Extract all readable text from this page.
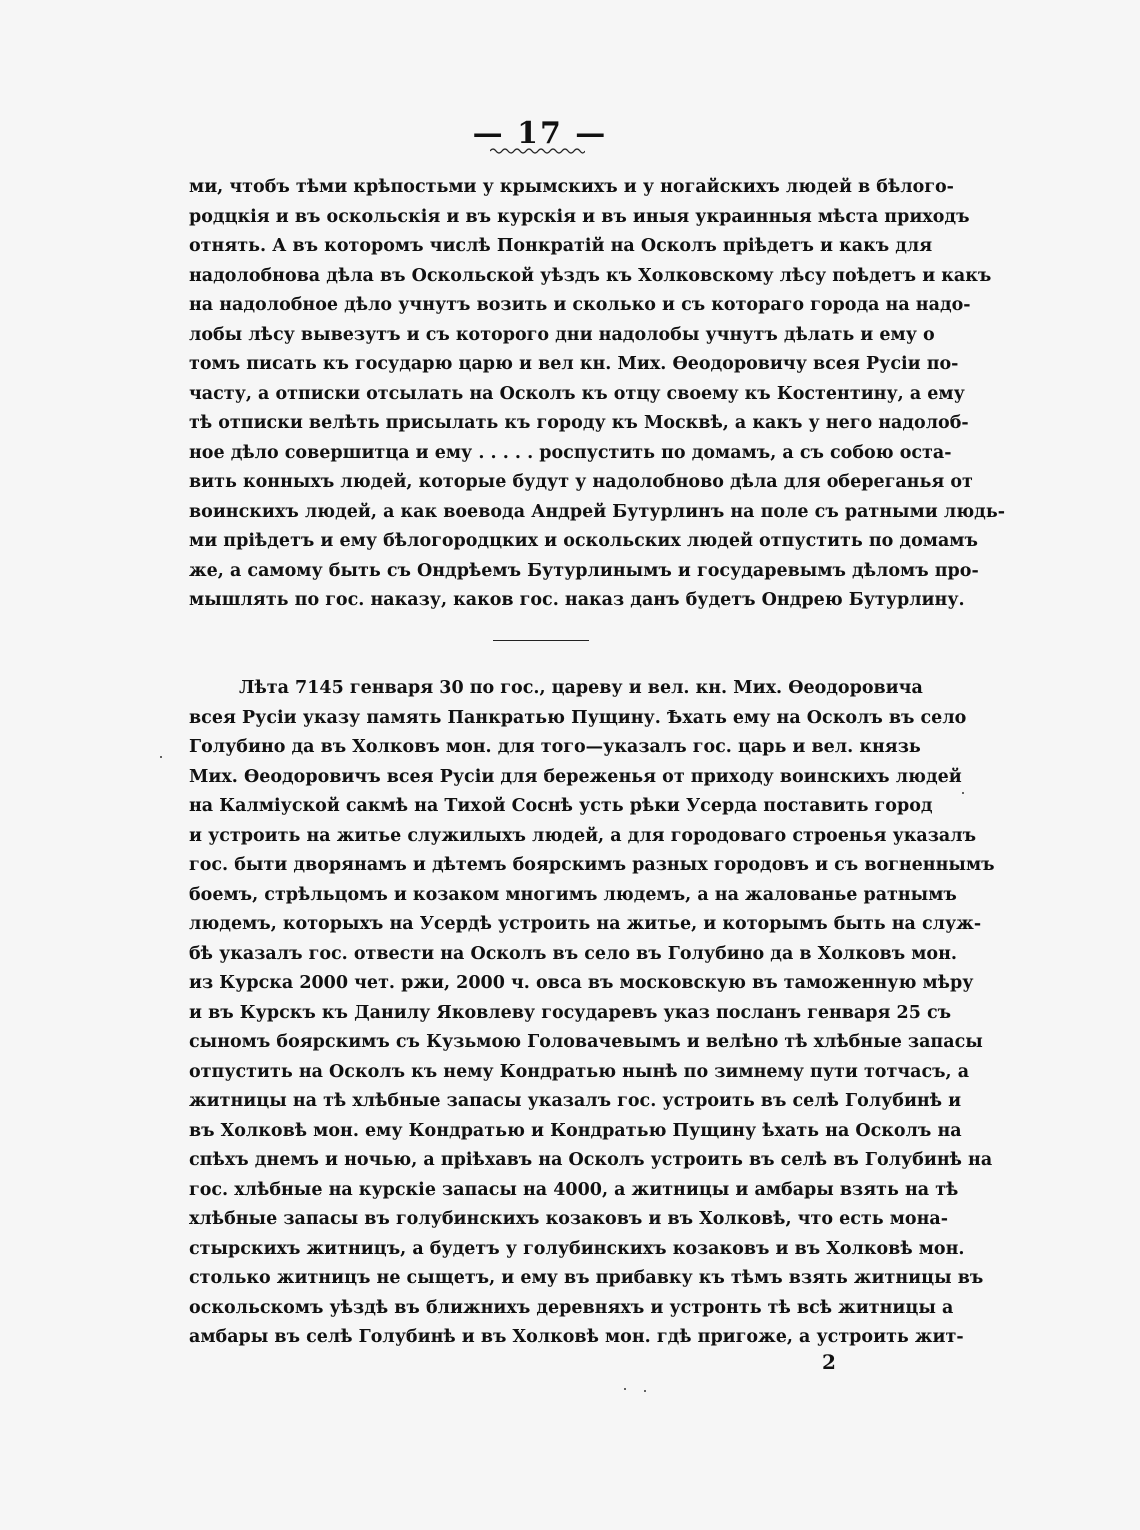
— 17 —
ми, чтобъ тѣми крѣпостьми у крымскихъ и у ногайскихъ людей в бѣлого-
родцкія и въ оскольскія и въ курскія и въ иныя украинныя мѣста приходъ
отнять. А въ которомъ числѣ Понкратій на Осколъ пріѣдетъ и какъ для
надолобнова дѣла въ Оскольской уѣздъ къ Холковскому лѣсу поѣдетъ и какъ
на надолобное дѣло учнутъ возить и сколько и съ котораго города на надо-
лобы лѣсу вывезутъ и съ которого дни надолобы учнутъ дѣлать и ему о
томъ писать къ государю царю и вел кн. Мих. Ѳеодоровичу всея Русіи по-
часту, а отписки отсылать на Осколъ къ отцу своему къ Костентину, а ему
тѣ отписки велѣть присылать къ городу къ Москвѣ, а какъ у него надолоб-
ное дѣло совершитца и ему . . . . . роспустить по домамъ, а съ собою оста-
вить конныхъ людей, которые будут у надолобново дѣла для обереганья от
воинскихъ людей, а как воевода Андрей Бутурлинъ на поле съ ратными людь-
ми пріѣдетъ и ему бѣлогородцких и оскольских людей отпустить по домамъ
же, а самому быть съ Ондрѣемъ Бутурлинымъ и государевымъ дѣломъ про-
мышлять по гос. наказу, каков гос. наказ данъ будетъ Ондрею Бутурлину.
Лѣта 7145 генваря 30 по гос., цареву и вел. кн. Мих. Ѳеодоровича
всея Русіи указу память Панкратью Пущину. Ѣхать ему на Осколъ въ село
Голубино да въ Холковъ мон. для того—указалъ гос. царь и вел. князь
Мих. Ѳеодоровичъ всея Русіи для береженья от приходу воинскихъ людей
на Калміуской сакмѣ на Тихой Соснѣ усть рѣки Усерда поставить город
и устроить на житье служилыхъ людей, а для городоваго строенья указалъ
гос. быти дворянамъ и дѣтемъ боярскимъ разных городовъ и съ вогненнымъ
боемъ, стрѣльцомъ и козаком многимъ людемъ, а на жалованье ратнымъ
людемъ, которыхъ на Усердѣ устроить на житье, и которымъ быть на служ-
бѣ указалъ гос. отвести на Осколъ въ село въ Голубино да в Холковъ мон.
из Курска 2000 чет. ржи, 2000 ч. овса въ московскую въ таможенную мѣру
и въ Курскъ къ Данилу Яковлеву государевъ указ посланъ генваря 25 съ
сыномъ боярскимъ съ Кузьмою Головачевымъ и велѣно тѣ хлѣбные запасы
отпустить на Осколъ къ нему Кондратью нынѣ по зимнему пути тотчасъ, а
житницы на тѣ хлѣбные запасы указалъ гос. устроить въ селѣ Голубинѣ и
въ Холковѣ мон. ему Кондратью и Кондратью Пущину ѣхать на Осколъ на
спѣхъ днемъ и ночью, а пріѣхавъ на Осколъ устроить въ селѣ въ Голубинѣ на
гос. хлѣбные на курскіе запасы на 4000, а житницы и амбары взять на тѣ
хлѣбные запасы въ голубинскихъ козаковъ и въ Холковѣ, что есть мона-
стырскихъ житницъ, а будетъ у голубинскихъ козаковъ и въ Холковѣ мон.
столько житницъ не сыщетъ, и ему въ прибавку къ тѣмъ взять житницы въ
оскольскомъ уѣздѣ въ ближнихъ деревняхъ и устронть тѣ всѣ житницы а
амбары въ селѣ Голубинѣ и въ Холковѣ мон. гдѣ пригоже, а устроить жит-
2
